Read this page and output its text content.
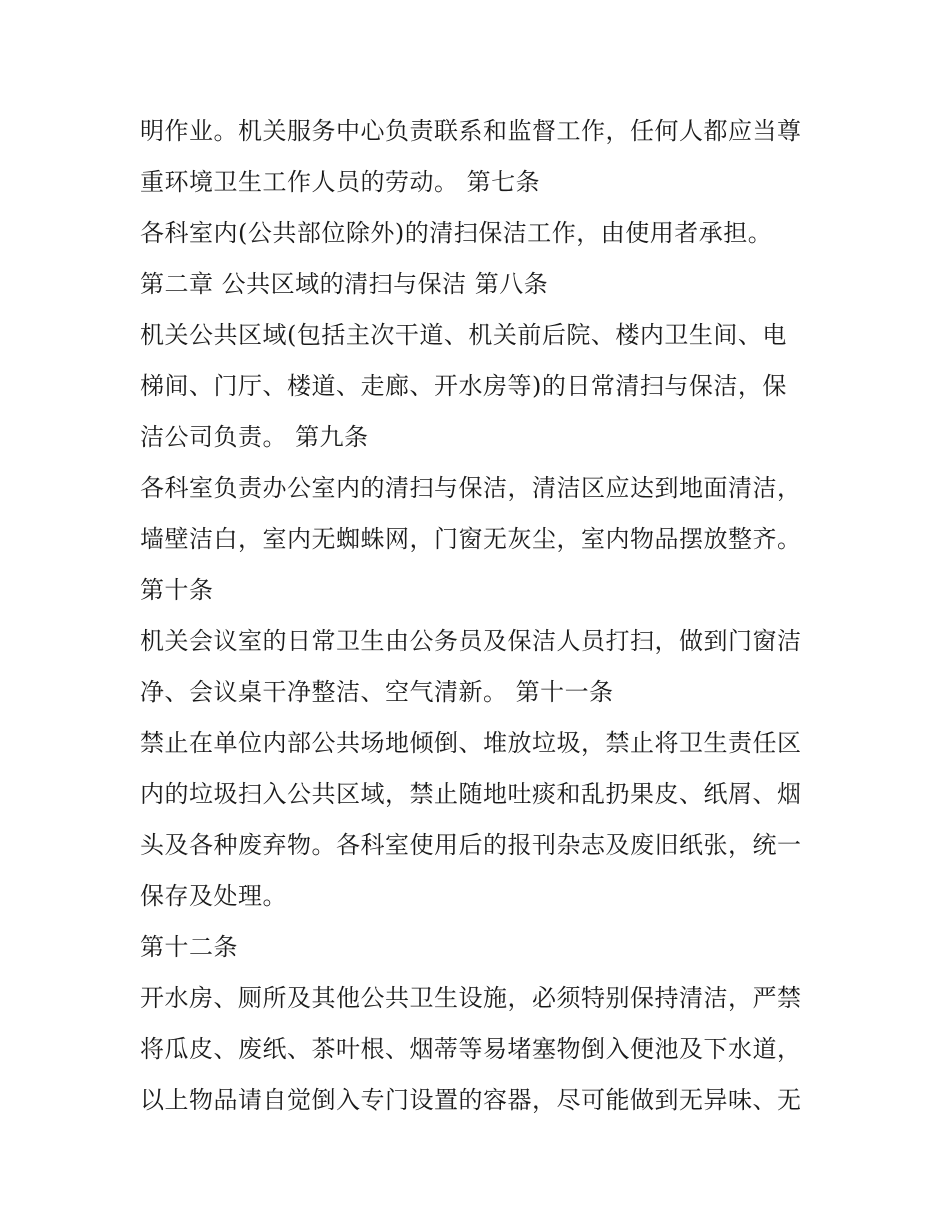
明作业。机关服务中心负责联系和监督工作，任何人都应当尊
重环境卫生工作人员的劳动。 第七条
各科室内(公共部位除外)的清扫保洁工作，由使用者承担。
第二章 公共区域的清扫与保洁 第八条
机关公共区域(包括主次干道、机关前后院、楼内卫生间、电
梯间、门厅、楼道、走廊、开水房等)的日常清扫与保洁，保
洁公司负责。 第九条
各科室负责办公室内的清扫与保洁，清洁区应达到地面清洁，
墙壁洁白，室内无蜘蛛网，门窗无灰尘，室内物品摆放整齐。
第十条
机关会议室的日常卫生由公务员及保洁人员打扫，做到门窗洁
净、会议桌干净整洁、空气清新。 第十一条
禁止在单位内部公共场地倾倒、堆放垃圾，禁止将卫生责任区
内的垃圾扫入公共区域，禁止随地吐痰和乱扔果皮、纸屑、烟
头及各种废弃物。各科室使用后的报刊杂志及废旧纸张，统一
保存及处理。
第十二条
开水房、厕所及其他公共卫生设施，必须特别保持清洁，严禁
将瓜皮、废纸、茶叶根、烟蒂等易堵塞物倒入便池及下水道，
以上物品请自觉倒入专门设置的容器，尽可能做到无异味、无
